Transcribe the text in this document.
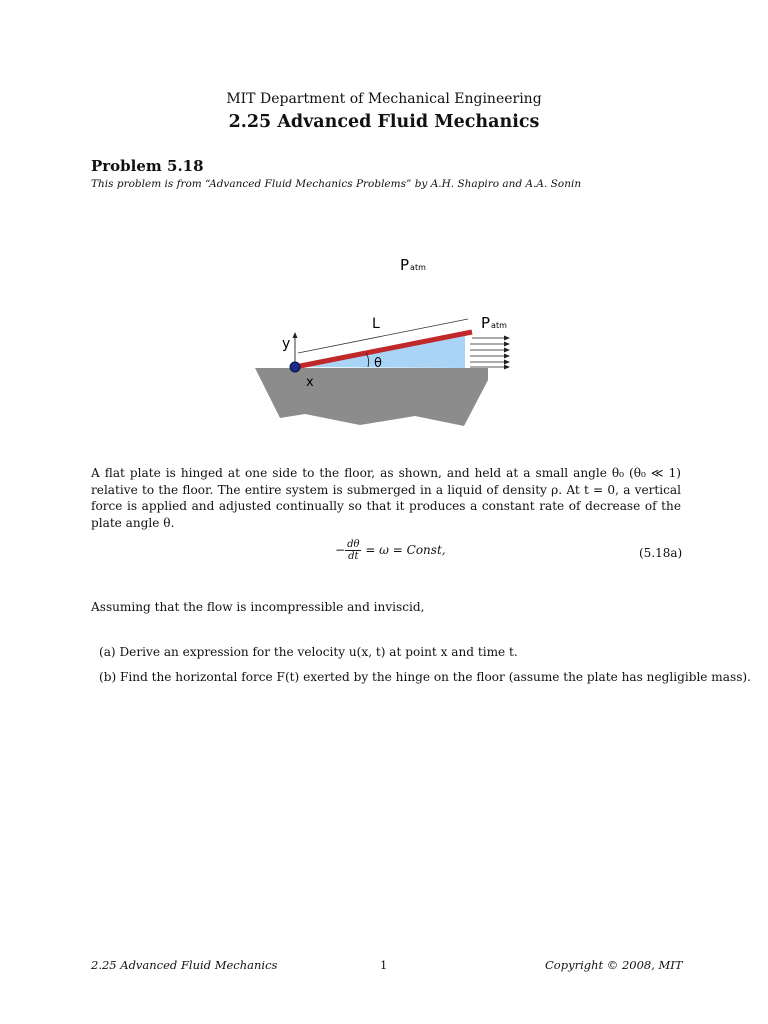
MIT Department of Mechanical Engineering
2.25 Advanced Fluid Mechanics
Problem 5.18
This problem is from “Advanced Fluid Mechanics Problems” by A.H. Shapiro and A.A. Sonin
Patm
L	Patm
y
x
θ
A flat plate is hinged at one side to the floor, as shown, and held at a small angle θ₀ (θ₀ ≪ 1) relative to the floor. The entire system is submerged in a liquid of density ρ. At t = 0, a vertical force is applied and adjusted continually so that it produces a constant rate of decrease of the plate angle θ.
− $\frac{d\theta}{dt} = \omega$ = Const,	(5.18a)
Assuming that the flow is incompressible and inviscid,
(a) Derive an expression for the velocity u(x, t) at point x and time t.
(b) Find the horizontal force F(t) exerted by the hinge on the floor (assume the plate has negligible mass).
2.25 Advanced Fluid Mechanics	1	Copyright © 2008, MIT
